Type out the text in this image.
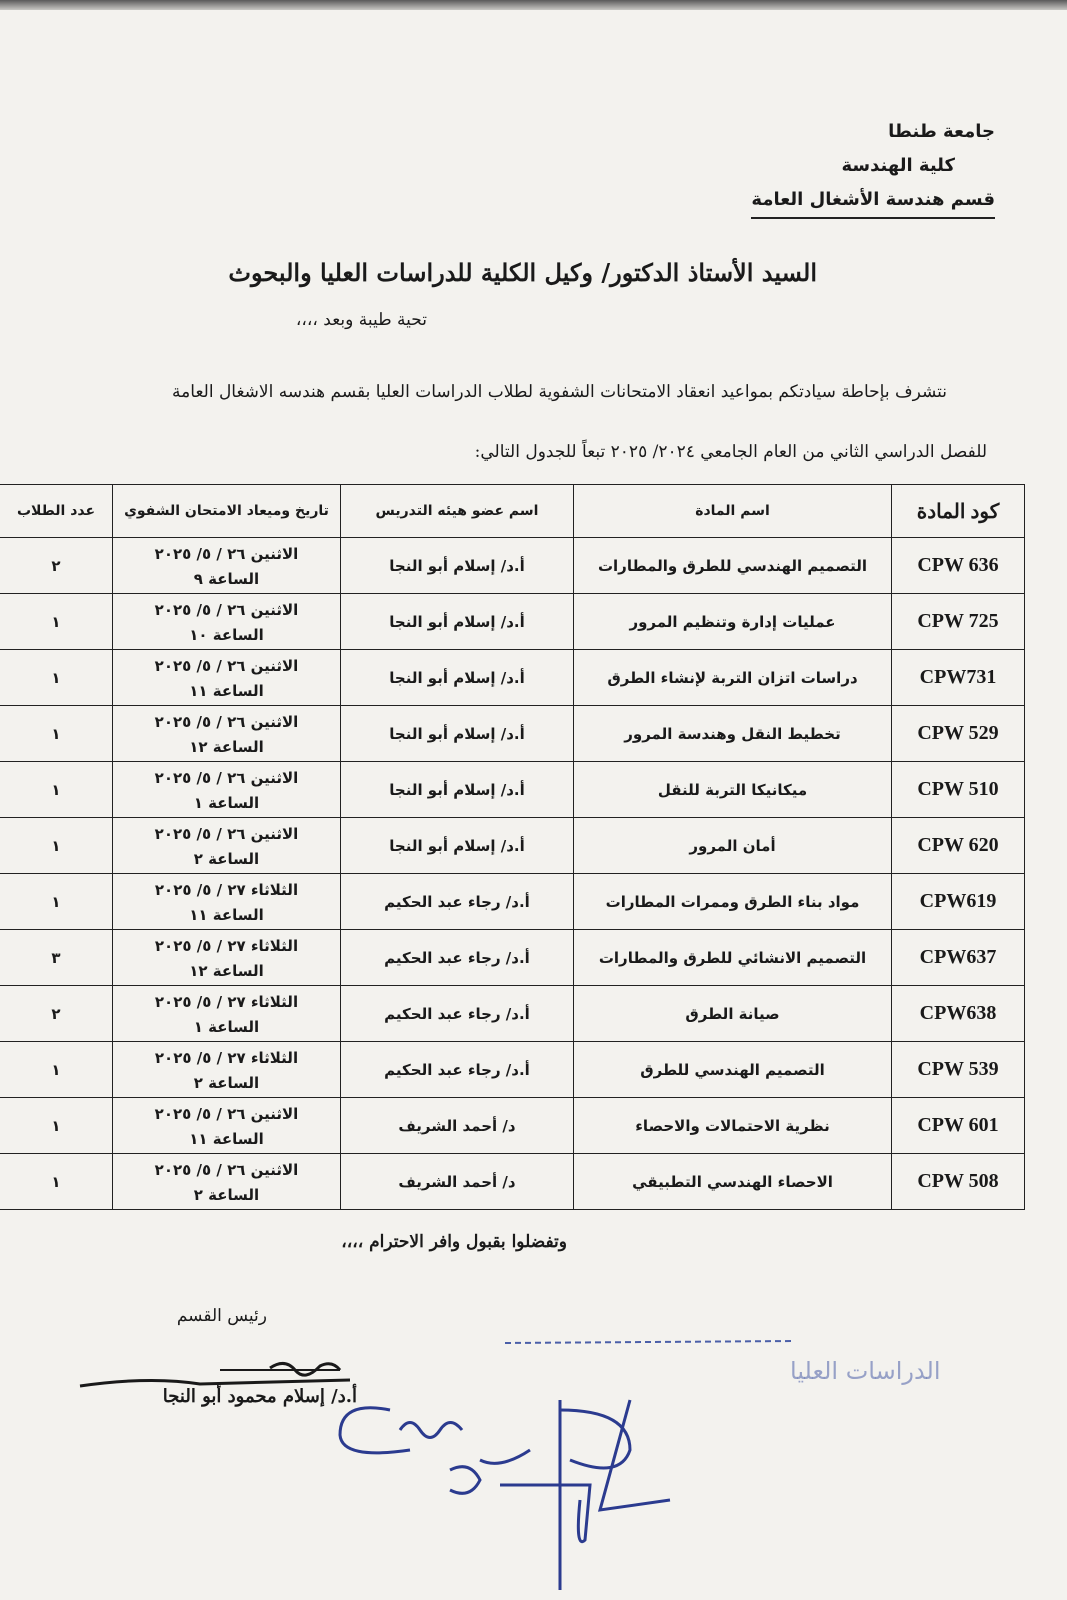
جامعة طنطا
كلية الهندسة
قسم هندسة الأشغال العامة
السيد الأستاذ الدكتور/ وكيل الكلية للدراسات العليا والبحوث
تحية طيبة وبعد ،،،،
نتشرف بإحاطة سيادتكم بمواعيد انعقاد الامتحانات الشفوية لطلاب الدراسات العليا بقسم هندسه الاشغال العامة
للفصل الدراسي الثاني من العام الجامعي ٢٠٢٤/ ٢٠٢٥ تبعاً للجدول التالي:
كود المادة	اسم المادة	اسم عضو هيئه التدريس	تاريخ وميعاد الامتحان الشفوي	عدد الطلاب
CPW 636	التصميم الهندسي للطرق والمطارات	أ.د/ إسلام أبو النجا	الاثنين ٢٦ / ٥/ ٢٠٢٥
الساعة ٩	٢
CPW 725	عمليات إدارة وتنظيم المرور	أ.د/ إسلام أبو النجا	الاثنين ٢٦ / ٥/ ٢٠٢٥
الساعة ١٠	١
CPW731	دراسات اتزان التربة لإنشاء الطرق	أ.د/ إسلام أبو النجا	الاثنين ٢٦ / ٥/ ٢٠٢٥
الساعة ١١	١
CPW 529	تخطيط النقل وهندسة المرور	أ.د/ إسلام أبو النجا	الاثنين ٢٦ / ٥/ ٢٠٢٥
الساعة ١٢	١
CPW 510	ميكانيكا التربة للنقل	أ.د/ إسلام أبو النجا	الاثنين ٢٦ / ٥/ ٢٠٢٥
الساعة ١	١
CPW 620	أمان المرور	أ.د/ إسلام أبو النجا	الاثنين ٢٦ / ٥/ ٢٠٢٥
الساعة ٢	١
CPW619	مواد بناء الطرق وممرات المطارات	أ.د/ رجاء عبد الحكيم	الثلاثاء ٢٧ / ٥/ ٢٠٢٥
الساعة ١١	١
CPW637	التصميم الانشائي للطرق والمطارات	أ.د/ رجاء عبد الحكيم	الثلاثاء ٢٧ / ٥/ ٢٠٢٥
الساعة ١٢	٣
CPW638	صيانة الطرق	أ.د/ رجاء عبد الحكيم	الثلاثاء ٢٧ / ٥/ ٢٠٢٥
الساعة ١	٢
CPW 539	التصميم الهندسي للطرق	أ.د/ رجاء عبد الحكيم	الثلاثاء ٢٧ / ٥/ ٢٠٢٥
الساعة ٢	١
CPW 601	نظرية الاحتمالات والاحصاء	د/ أحمد الشريف	الاثنين ٢٦ / ٥/ ٢٠٢٥
الساعة ١١	١
CPW 508	الاحصاء الهندسي التطبيقي	د/ أحمد الشريف	الاثنين ٢٦ / ٥/ ٢٠٢٥
الساعة ٢	١
وتفضلوا بقبول وافر الاحترام ،،،،
رئيس القسم
أ.د/ إسلام محمود أبو النجا
الدراسات العليا
